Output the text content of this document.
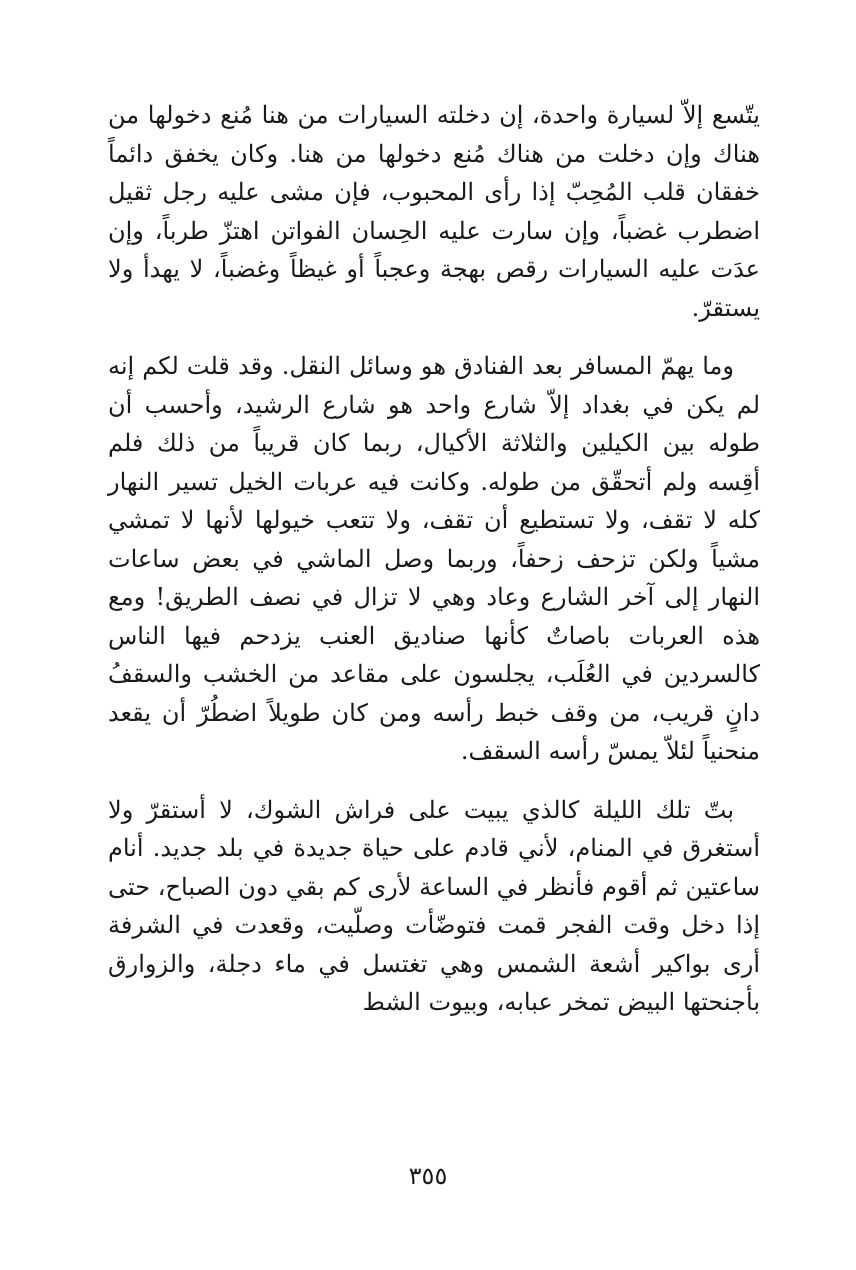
يتّسع إلاّ لسيارة واحدة، إن دخلته السيارات من هنا مُنع دخولها من هناك وإن دخلت من هناك مُنع دخولها من هنا. وكان يخفق دائماً خفقان قلب المُحِبّ إذا رأى المحبوب، فإن مشى عليه رجل ثقيل اضطرب غضباً، وإن سارت عليه الحِسان الفواتن اهتزّ طرباً، وإن عدَت عليه السيارات رقص بهجة وعجباً أو غيظاً وغضباً، لا يهدأ ولا يستقرّ.

وما يهمّ المسافر بعد الفنادق هو وسائل النقل. وقد قلت لكم إنه لم يكن في بغداد إلاّ شارع واحد هو شارع الرشيد، وأحسب أن طوله بين الكيلين والثلاثة الأكيال، ربما كان قريباً من ذلك فلم أقِسه ولم أتحقّق من طوله. وكانت فيه عربات الخيل تسير النهار كله لا تقف، ولا تستطيع أن تقف، ولا تتعب خيولها لأنها لا تمشي مشياً ولكن تزحف زحفاً، وربما وصل الماشي في بعض ساعات النهار إلى آخر الشارع وعاد وهي لا تزال في نصف الطريق! ومع هذه العربات باصاتٌ كأنها صناديق العنب يزدحم فيها الناس كالسردين في العُلَب، يجلسون على مقاعد من الخشب والسقفُ دانٍ قريب، من وقف خبط رأسه ومن كان طويلاً اضطُرّ أن يقعد منحنياً لئلاّ يمسّ رأسه السقف.

بتّ تلك الليلة كالذي يبيت على فراش الشوك، لا أستقرّ ولا أستغرق في المنام، لأني قادم على حياة جديدة في بلد جديد. أنام ساعتين ثم أقوم فأنظر في الساعة لأرى كم بقي دون الصباح، حتى إذا دخل وقت الفجر قمت فتوضّأت وصلّيت، وقعدت في الشرفة أرى بواكير أشعة الشمس وهي تغتسل في ماء دجلة، والزوارق بأجنحتها البيض تمخر عبابه، وبيوت الشط

٣٥٥
